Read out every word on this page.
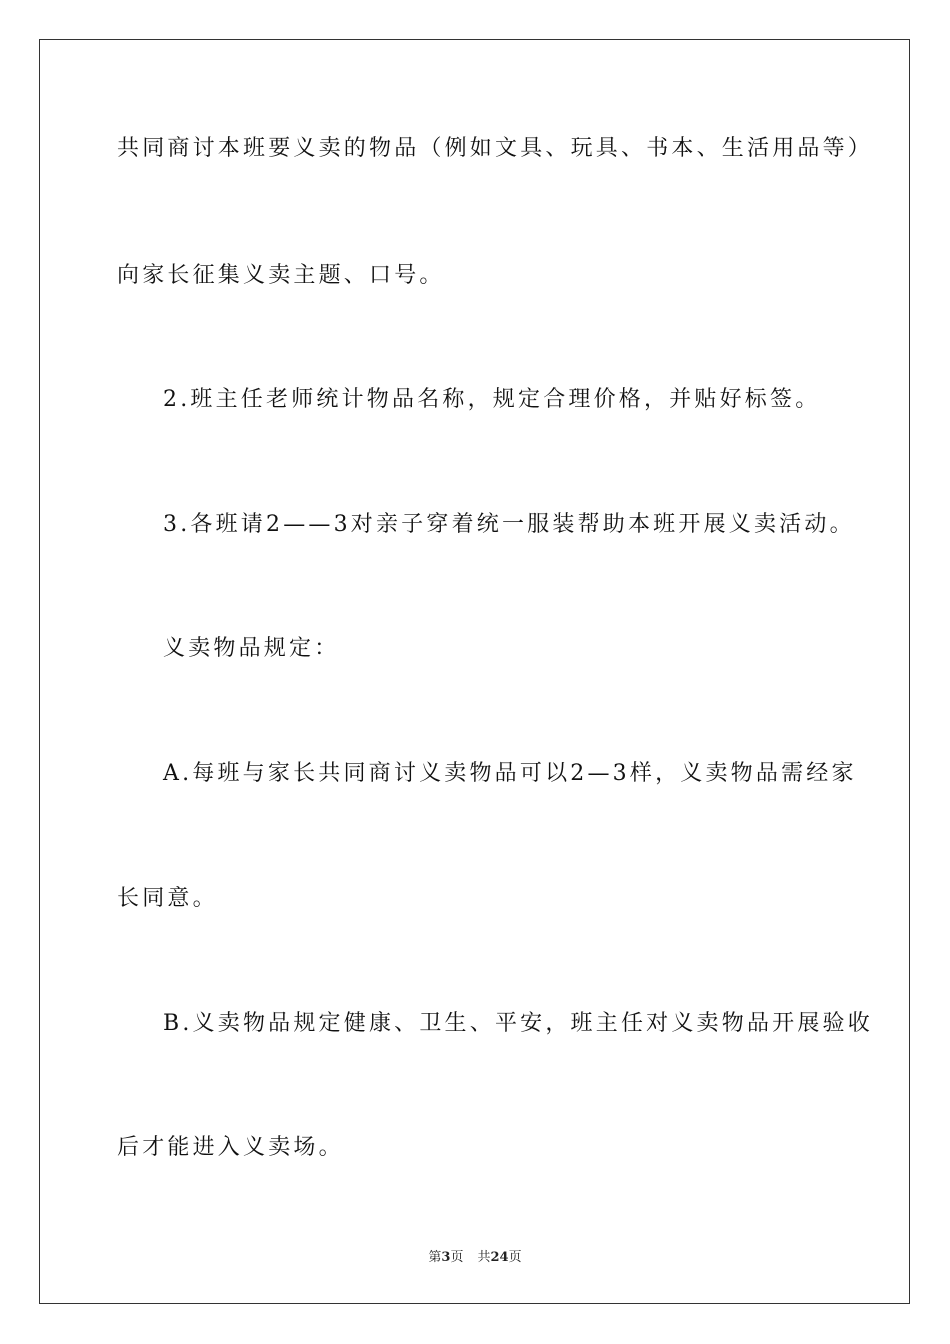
共同商讨本班要义卖的物品（例如文具、玩具、书本、生活用品等）
向家长征集义卖主题、口号。
2.班主任老师统计物品名称，规定合理价格，并贴好标签。
3.各班请2——3对亲子穿着统一服装帮助本班开展义卖活动。
义卖物品规定：
A.每班与家长共同商讨义卖物品可以2—3样，义卖物品需经家
长同意。
B.义卖物品规定健康、卫生、平安，班主任对义卖物品开展验收
后才能进入义卖场。
第3页 共24页
